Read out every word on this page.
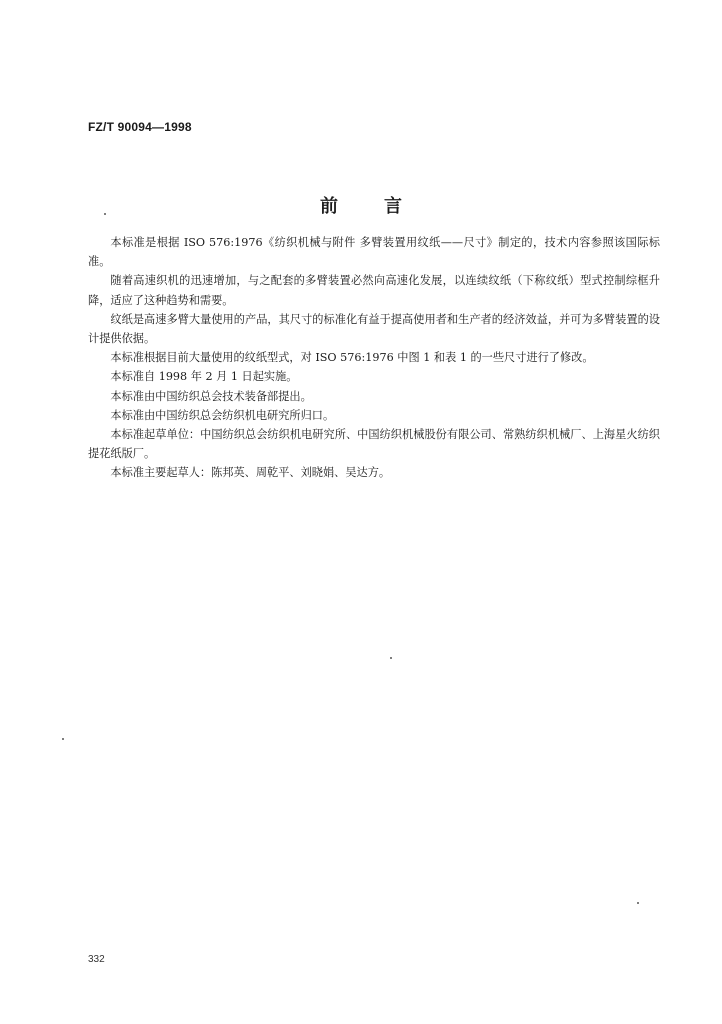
FZ/T 90094—1998
前言

本标准是根据 ISO 576:1976《纺织机械与附件 多臂装置用纹纸——尺寸》制定的，技术内容参照该国际标准。

随着高速织机的迅速增加，与之配套的多臂装置必然向高速化发展，以连续纹纸（下称纹纸）型式控制综框升降，适应了这种趋势和需要。

纹纸是高速多臂大量使用的产品，其尺寸的标准化有益于提高使用者和生产者的经济效益，并可为多臂装置的设计提供依据。

本标准根据目前大量使用的纹纸型式，对 ISO 576:1976 中图 1 和表 1 的一些尺寸进行了修改。

本标准自 1998 年 2 月 1 日起实施。

本标准由中国纺织总会技术装备部提出。

本标准由中国纺织总会纺织机电研究所归口。

本标准起草单位：中国纺织总会纺织机电研究所、中国纺织机械股份有限公司、常熟纺织机械厂、上海星火纺织提花纸版厂。

本标准主要起草人：陈邦英、周乾平、刘晓娟、吴达方。

332
